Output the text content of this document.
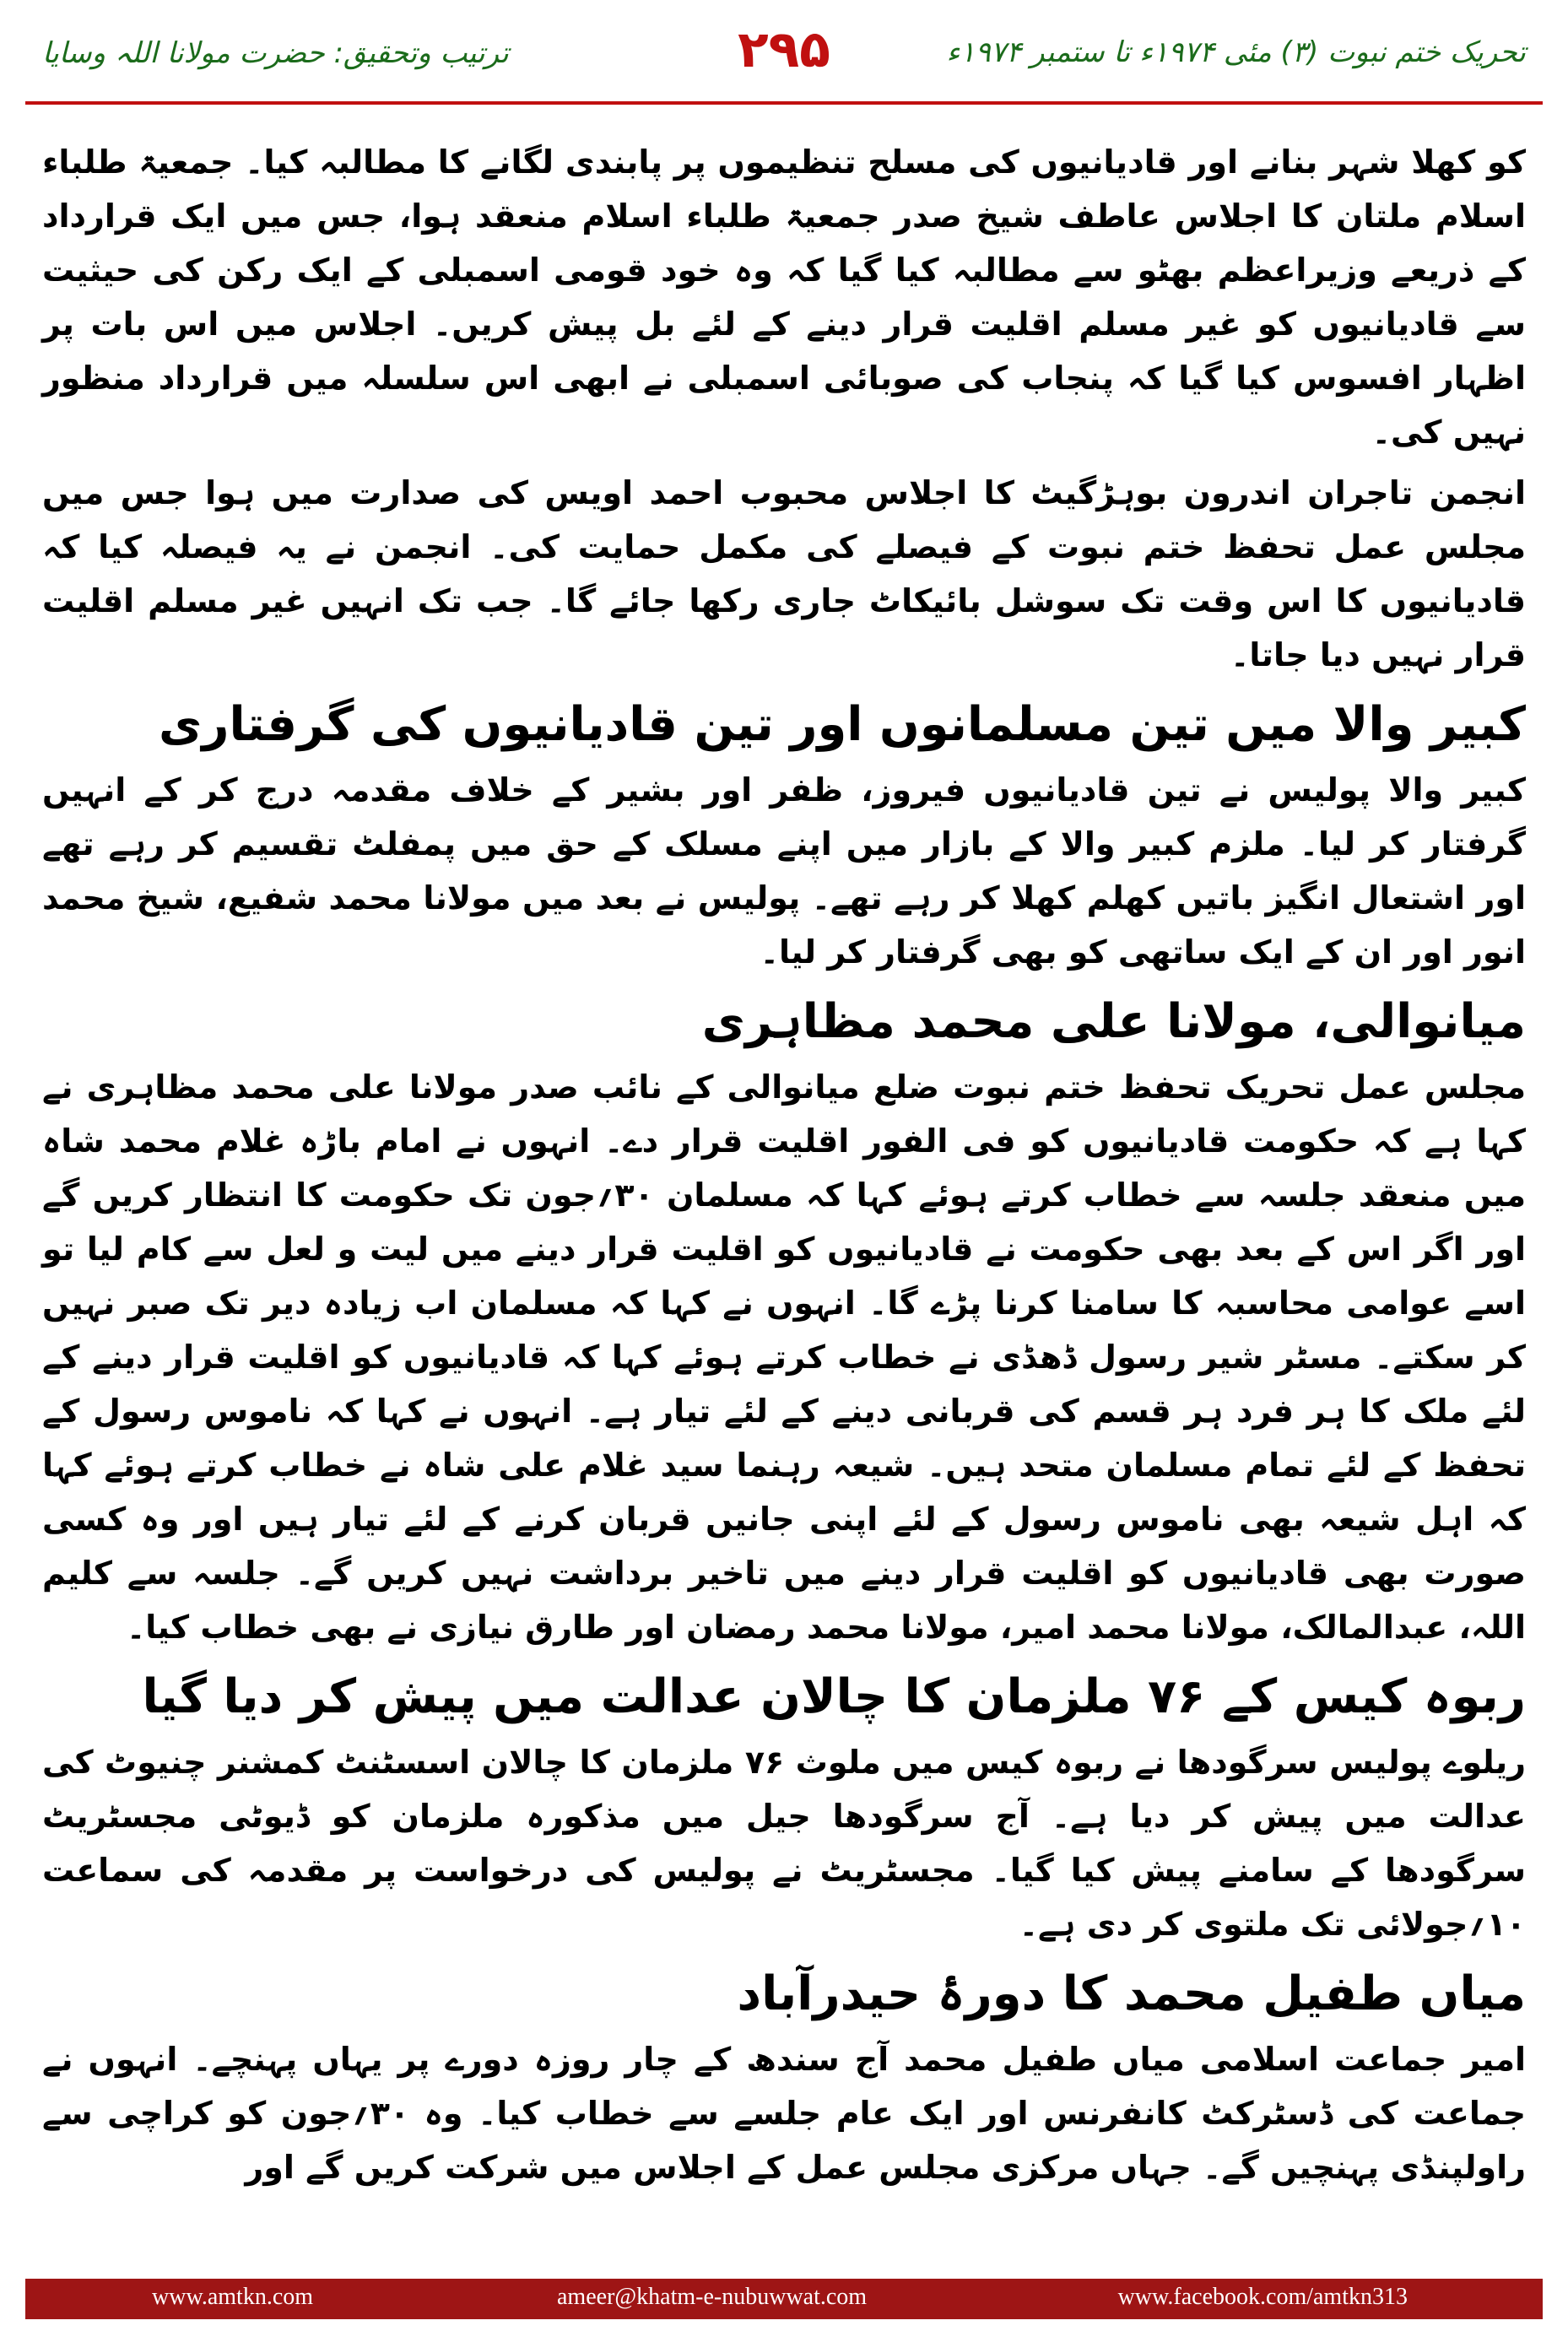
ترتیب وتحقیق: حضرت مولانا اللہ وسایا	۲۹۵	تحریک ختم نبوت (۳) مئی ۱۹۷۴ء تا ستمبر ۱۹۷۴ء

کو کھلا شہر بنانے اور قادیانیوں کی مسلح تنظیموں پر پابندی لگانے کا مطالبہ کیا۔ جمعیۃ طلباء اسلام ملتان کا اجلاس عاطف شیخ صدر جمعیۃ طلباء اسلام منعقد ہوا، جس میں ایک قرارداد کے ذریعے وزیراعظم بھٹو سے مطالبہ کیا گیا کہ وہ خود قومی اسمبلی کے ایک رکن کی حیثیت سے قادیانیوں کو غیر مسلم اقلیت قرار دینے کے لئے بل پیش کریں۔ اجلاس میں اس بات پر اظہار افسوس کیا گیا کہ پنجاب کی صوبائی اسمبلی نے ابھی اس سلسلہ میں قرارداد منظور نہیں کی۔

انجمن تاجران اندرون بوہڑگیٹ کا اجلاس محبوب احمد اویس کی صدارت میں ہوا جس میں مجلس عمل تحفظ ختم نبوت کے فیصلے کی مکمل حمایت کی۔ انجمن نے یہ فیصلہ کیا کہ قادیانیوں کا اس وقت تک سوشل بائیکاٹ جاری رکھا جائے گا۔ جب تک انہیں غیر مسلم اقلیت قرار نہیں دیا جاتا۔

کبیر والا میں تین مسلمانوں اور تین قادیانیوں کی گرفتاری

کبیر والا پولیس نے تین قادیانیوں فیروز، ظفر اور بشیر کے خلاف مقدمہ درج کر کے انہیں گرفتار کر لیا۔ ملزم کبیر والا کے بازار میں اپنے مسلک کے حق میں پمفلٹ تقسیم کر رہے تھے اور اشتعال انگیز باتیں کھلم کھلا کر رہے تھے۔ پولیس نے بعد میں مولانا محمد شفیع، شیخ محمد انور اور ان کے ایک ساتھی کو بھی گرفتار کر لیا۔

میانوالی، مولانا علی محمد مظاہری

مجلس عمل تحریک تحفظ ختم نبوت ضلع میانوالی کے نائب صدر مولانا علی محمد مظاہری نے کہا ہے کہ حکومت قادیانیوں کو فی الفور اقلیت قرار دے۔ انہوں نے امام باڑہ غلام محمد شاہ میں منعقد جلسہ سے خطاب کرتے ہوئے کہا کہ مسلمان ۳۰؍جون تک حکومت کا انتظار کریں گے اور اگر اس کے بعد بھی حکومت نے قادیانیوں کو اقلیت قرار دینے میں لیت و لعل سے کام لیا تو اسے عوامی محاسبہ کا سامنا کرنا پڑے گا۔ انہوں نے کہا کہ مسلمان اب زیادہ دیر تک صبر نہیں کر سکتے۔ مسٹر شیر رسول ڈھڈی نے خطاب کرتے ہوئے کہا کہ قادیانیوں کو اقلیت قرار دینے کے لئے ملک کا ہر فرد ہر قسم کی قربانی دینے کے لئے تیار ہے۔ انہوں نے کہا کہ ناموس رسول کے تحفظ کے لئے تمام مسلمان متحد ہیں۔ شیعہ رہنما سید غلام علی شاہ نے خطاب کرتے ہوئے کہا کہ اہل شیعہ بھی ناموس رسول کے لئے اپنی جانیں قربان کرنے کے لئے تیار ہیں اور وہ کسی صورت بھی قادیانیوں کو اقلیت قرار دینے میں تاخیر برداشت نہیں کریں گے۔ جلسہ سے کلیم اللہ، عبدالمالک، مولانا محمد امیر، مولانا محمد رمضان اور طارق نیازی نے بھی خطاب کیا۔

ربوہ کیس کے ۷۶ ملزمان کا چالان عدالت میں پیش کر دیا گیا

ریلوے پولیس سرگودھا نے ربوہ کیس میں ملوث ۷۶ ملزمان کا چالان اسسٹنٹ کمشنر چنیوٹ کی عدالت میں پیش کر دیا ہے۔ آج سرگودھا جیل میں مذکورہ ملزمان کو ڈیوٹی مجسٹریٹ سرگودھا کے سامنے پیش کیا گیا۔ مجسٹریٹ نے پولیس کی درخواست پر مقدمہ کی سماعت ۱۰؍جولائی تک ملتوی کر دی ہے۔

میاں طفیل محمد کا دورۂ حیدرآباد

امیر جماعت اسلامی میاں طفیل محمد آج سندھ کے چار روزہ دورے پر یہاں پہنچے۔ انہوں نے جماعت کی ڈسٹرکٹ کانفرنس اور ایک عام جلسے سے خطاب کیا۔ وہ ۳۰؍جون کو کراچی سے راولپنڈی پہنچیں گے۔ جہاں مرکزی مجلس عمل کے اجلاس میں شرکت کریں گے اور

www.amtkn.com	ameer@khatm-e-nubuwwat.com	www.facebook.com/amtkn313
